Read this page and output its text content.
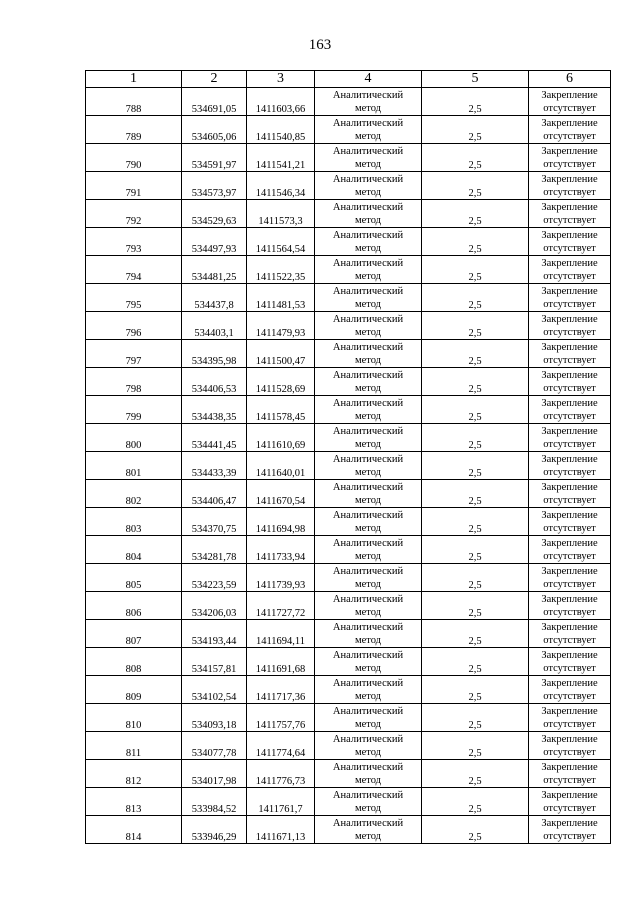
163
1	2	3	4	5	6
788	534691,05	1411603,66	Аналитический
метод	2,5	Закрепление
отсутствует

789	534605,06	1411540,85	Аналитический
метод	2,5	Закрепление
отсутствует

790	534591,97	1411541,21	Аналитический
метод	2,5	Закрепление
отсутствует

791	534573,97	1411546,34	Аналитический
метод	2,5	Закрепление
отсутствует

792	534529,63	1411573,3	Аналитический
метод	2,5	Закрепление
отсутствует

793	534497,93	1411564,54	Аналитический
метод	2,5	Закрепление
отсутствует

794	534481,25	1411522,35	Аналитический
метод	2,5	Закрепление
отсутствует

795	534437,8	1411481,53	Аналитический
метод	2,5	Закрепление
отсутствует

796	534403,1	1411479,93	Аналитический
метод	2,5	Закрепление
отсутствует

797	534395,98	1411500,47	Аналитический
метод	2,5	Закрепление
отсутствует

798	534406,53	1411528,69	Аналитический
метод	2,5	Закрепление
отсутствует

799	534438,35	1411578,45	Аналитический
метод	2,5	Закрепление
отсутствует

800	534441,45	1411610,69	Аналитический
метод	2,5	Закрепление
отсутствует

801	534433,39	1411640,01	Аналитический
метод	2,5	Закрепление
отсутствует

802	534406,47	1411670,54	Аналитический
метод	2,5	Закрепление
отсутствует

803	534370,75	1411694,98	Аналитический
метод	2,5	Закрепление
отсутствует

804	534281,78	1411733,94	Аналитический
метод	2,5	Закрепление
отсутствует

805	534223,59	1411739,93	Аналитический
метод	2,5	Закрепление
отсутствует

806	534206,03	1411727,72	Аналитический
метод	2,5	Закрепление
отсутствует

807	534193,44	1411694,11	Аналитический
метод	2,5	Закрепление
отсутствует

808	534157,81	1411691,68	Аналитический
метод	2,5	Закрепление
отсутствует

809	534102,54	1411717,36	Аналитический
метод	2,5	Закрепление
отсутствует

810	534093,18	1411757,76	Аналитический
метод	2,5	Закрепление
отсутствует

811	534077,78	1411774,64	Аналитический
метод	2,5	Закрепление
отсутствует

812	534017,98	1411776,73	Аналитический
метод	2,5	Закрепление
отсутствует

813	533984,52	1411761,7	Аналитический
метод	2,5	Закрепление
отсутствует

814	533946,29	1411671,13	Аналитический
метод	2,5	Закрепление
отсутствует
